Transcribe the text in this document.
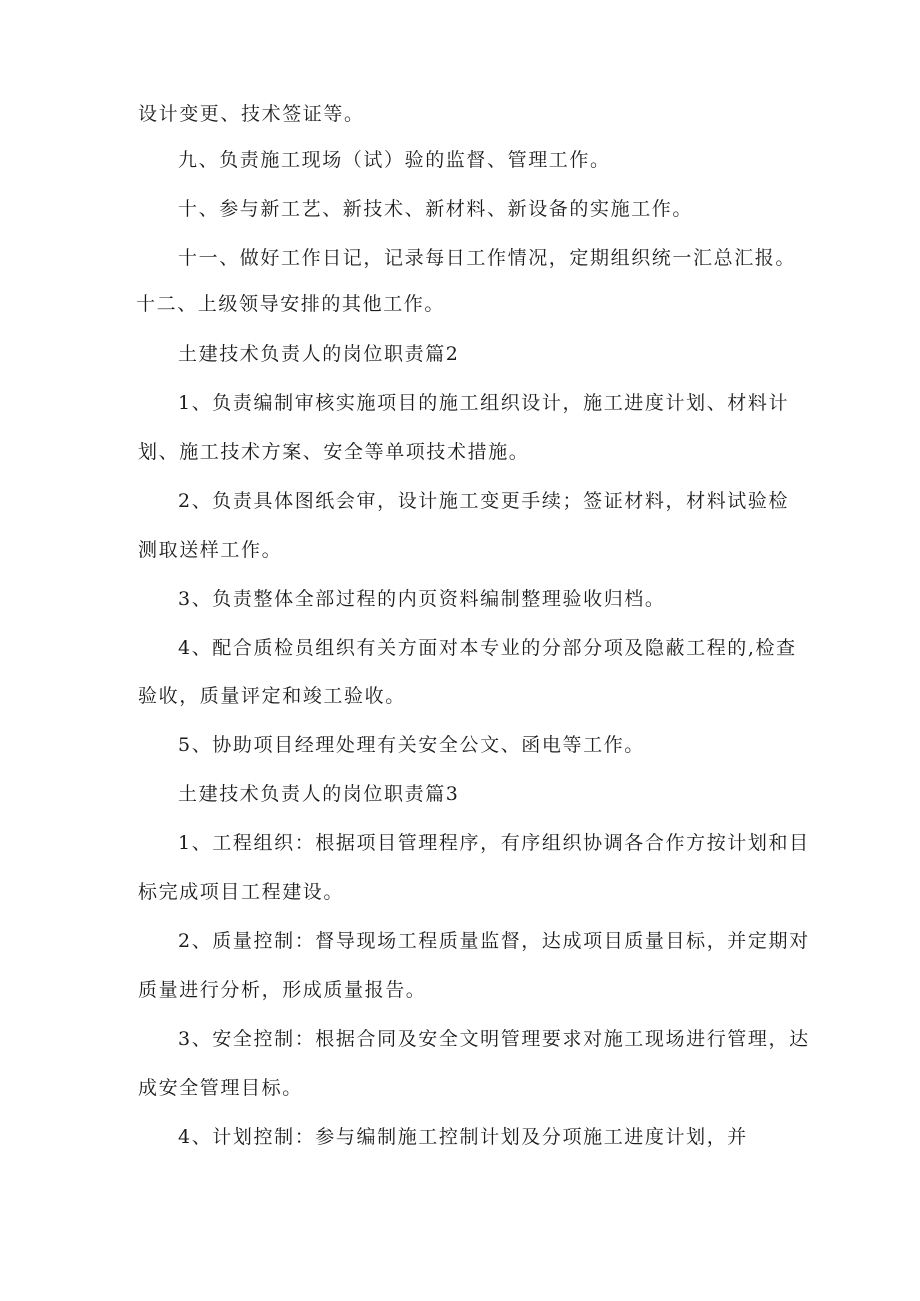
设计变更、技术签证等。
九、负责施工现场（试）验的监督、管理工作。
十、参与新工艺、新技术、新材料、新设备的实施工作。
十一、做好工作日记，记录每日工作情况，定期组织统一汇总汇报。
十二、上级领导安排的其他工作。
土建技术负责人的岗位职责篇2
1、负责编制审核实施项目的施工组织设计，施工进度计划、材料计
划、施工技术方案、安全等单项技术措施。
2、负责具体图纸会审，设计施工变更手续；签证材料，材料试验检
测取送样工作。
3、负责整体全部过程的内页资料编制整理验收归档。
4、配合质检员组织有关方面对本专业的分部分项及隐蔽工程的,检查
验收，质量评定和竣工验收。
5、协助项目经理处理有关安全公文、函电等工作。
土建技术负责人的岗位职责篇3
1、工程组织：根据项目管理程序，有序组织协调各合作方按计划和目
标完成项目工程建设。
2、质量控制：督导现场工程质量监督，达成项目质量目标，并定期对
质量进行分析，形成质量报告。
3、安全控制：根据合同及安全文明管理要求对施工现场进行管理，达
成安全管理目标。
4、计划控制：参与编制施工控制计划及分项施工进度计划，并
